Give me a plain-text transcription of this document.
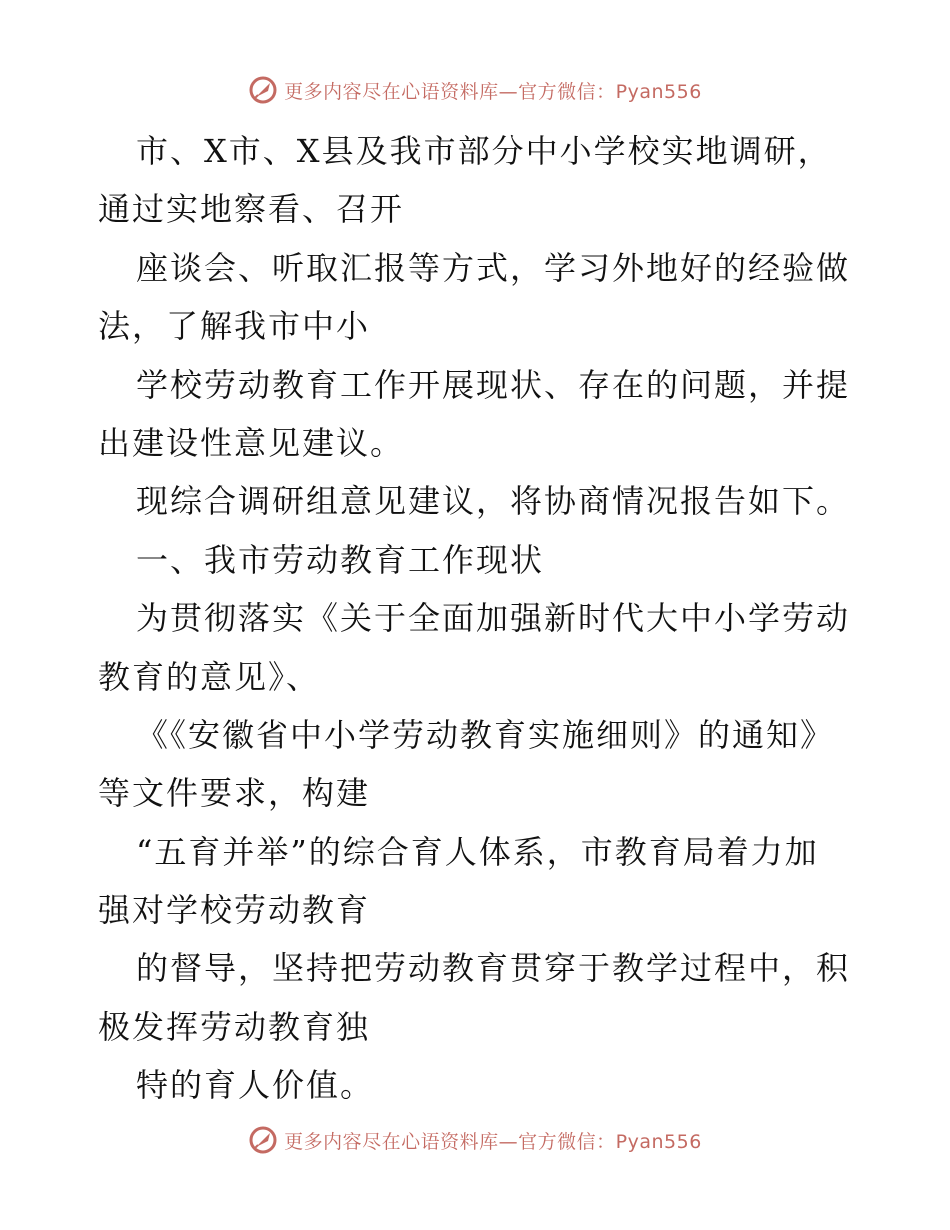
更多内容尽在心语资料库—官方微信：Pyan556
市、X市、X县及我市部分中小学校实地调研，
通过实地察看、召开
座谈会、听取汇报等方式，学习外地好的经验做
法，了解我市中小
学校劳动教育工作开展现状、存在的问题，并提
出建设性意见建议。
现综合调研组意见建议，将协商情况报告如下。
一、我市劳动教育工作现状
为贯彻落实《关于全面加强新时代大中小学劳动
教育的意见》、
《《安徽省中小学劳动教育实施细则》的通知》
等文件要求，构建
“五育并举”的综合育人体系，市教育局着力加
强对学校劳动教育
的督导，坚持把劳动教育贯穿于教学过程中，积
极发挥劳动教育独
特的育人价值。
更多内容尽在心语资料库—官方微信：Pyan556
